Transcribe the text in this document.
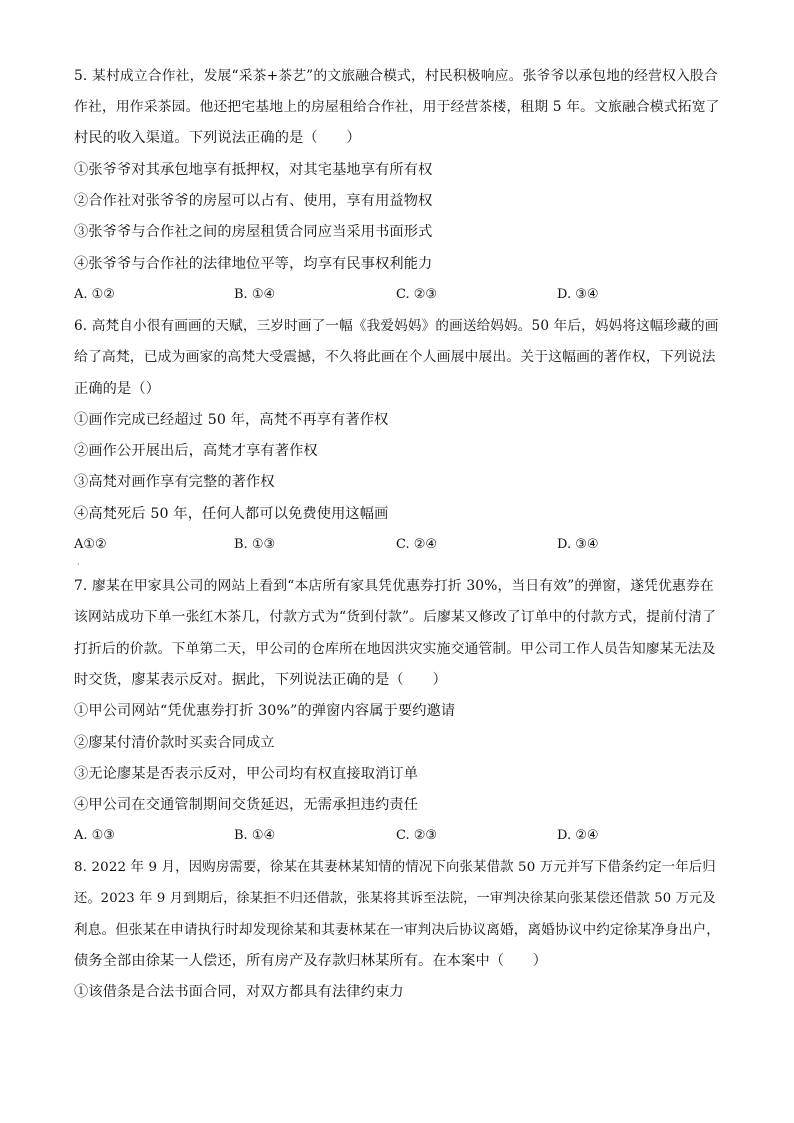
5. 某村成立合作社，发展“采茶+茶艺”的文旅融合模式，村民积极响应。张爷爷以承包地的经营权入股合
作社，用作采茶园。他还把宅基地上的房屋租给合作社，用于经营茶楼，租期 5 年。文旅融合模式拓宽了
村民的收入渠道。下列说法正确的是（　　）
①张爷爷对其承包地享有抵押权，对其宅基地享有所有权
②合作社对张爷爷的房屋可以占有、使用，享有用益物权
③张爷爷与合作社之间的房屋租赁合同应当采用书面形式
④张爷爷与合作社的法律地位平等，均享有民事权利能力
A. ①②	B. ①④	C. ②③	D. ③④
6. 高梵自小很有画画的天赋，三岁时画了一幅《我爱妈妈》的画送给妈妈。50 年后，妈妈将这幅珍藏的画
给了高梵，已成为画家的高梵大受震撼，不久将此画在个人画展中展出。关于这幅画的著作权，下列说法
正确的是（）
①画作完成已经超过 50 年，高梵不再享有著作权
②画作公开展出后，高梵才享有著作权
③高梵对画作享有完整的著作权
④高梵死后 50 年，任何人都可以免费使用这幅画
A①②	B. ①③	C. ②④	D. ③④
·
7. 廖某在甲家具公司的网站上看到“本店所有家具凭优惠券打折 30%，当日有效”的弹窗，遂凭优惠券在
该网站成功下单一张红木茶几，付款方式为“货到付款”。后廖某又修改了订单中的付款方式，提前付清了
打折后的价款。下单第二天，甲公司的仓库所在地因洪灾实施交通管制。甲公司工作人员告知廖某无法及
时交货，廖某表示反对。据此，下列说法正确的是（　　）
①甲公司网站“凭优惠券打折 30%”的弹窗内容属于要约邀请
②廖某付清价款时买卖合同成立
③无论廖某是否表示反对，甲公司均有权直接取消订单
④甲公司在交通管制期间交货延迟，无需承担违约责任
A. ①③	B. ①④	C. ②③	D. ②④
8. 2022 年 9 月，因购房需要，徐某在其妻林某知情的情况下向张某借款 50 万元并写下借条约定一年后归
还。2023 年 9 月到期后，徐某拒不归还借款，张某将其诉至法院，一审判决徐某向张某偿还借款 50 万元及
利息。但张某在申请执行时却发现徐某和其妻林某在一审判决后协议离婚，离婚协议中约定徐某净身出户，
债务全部由徐某一人偿还，所有房产及存款归林某所有。在本案中（　　）
①该借条是合法书面合同，对双方都具有法律约束力
